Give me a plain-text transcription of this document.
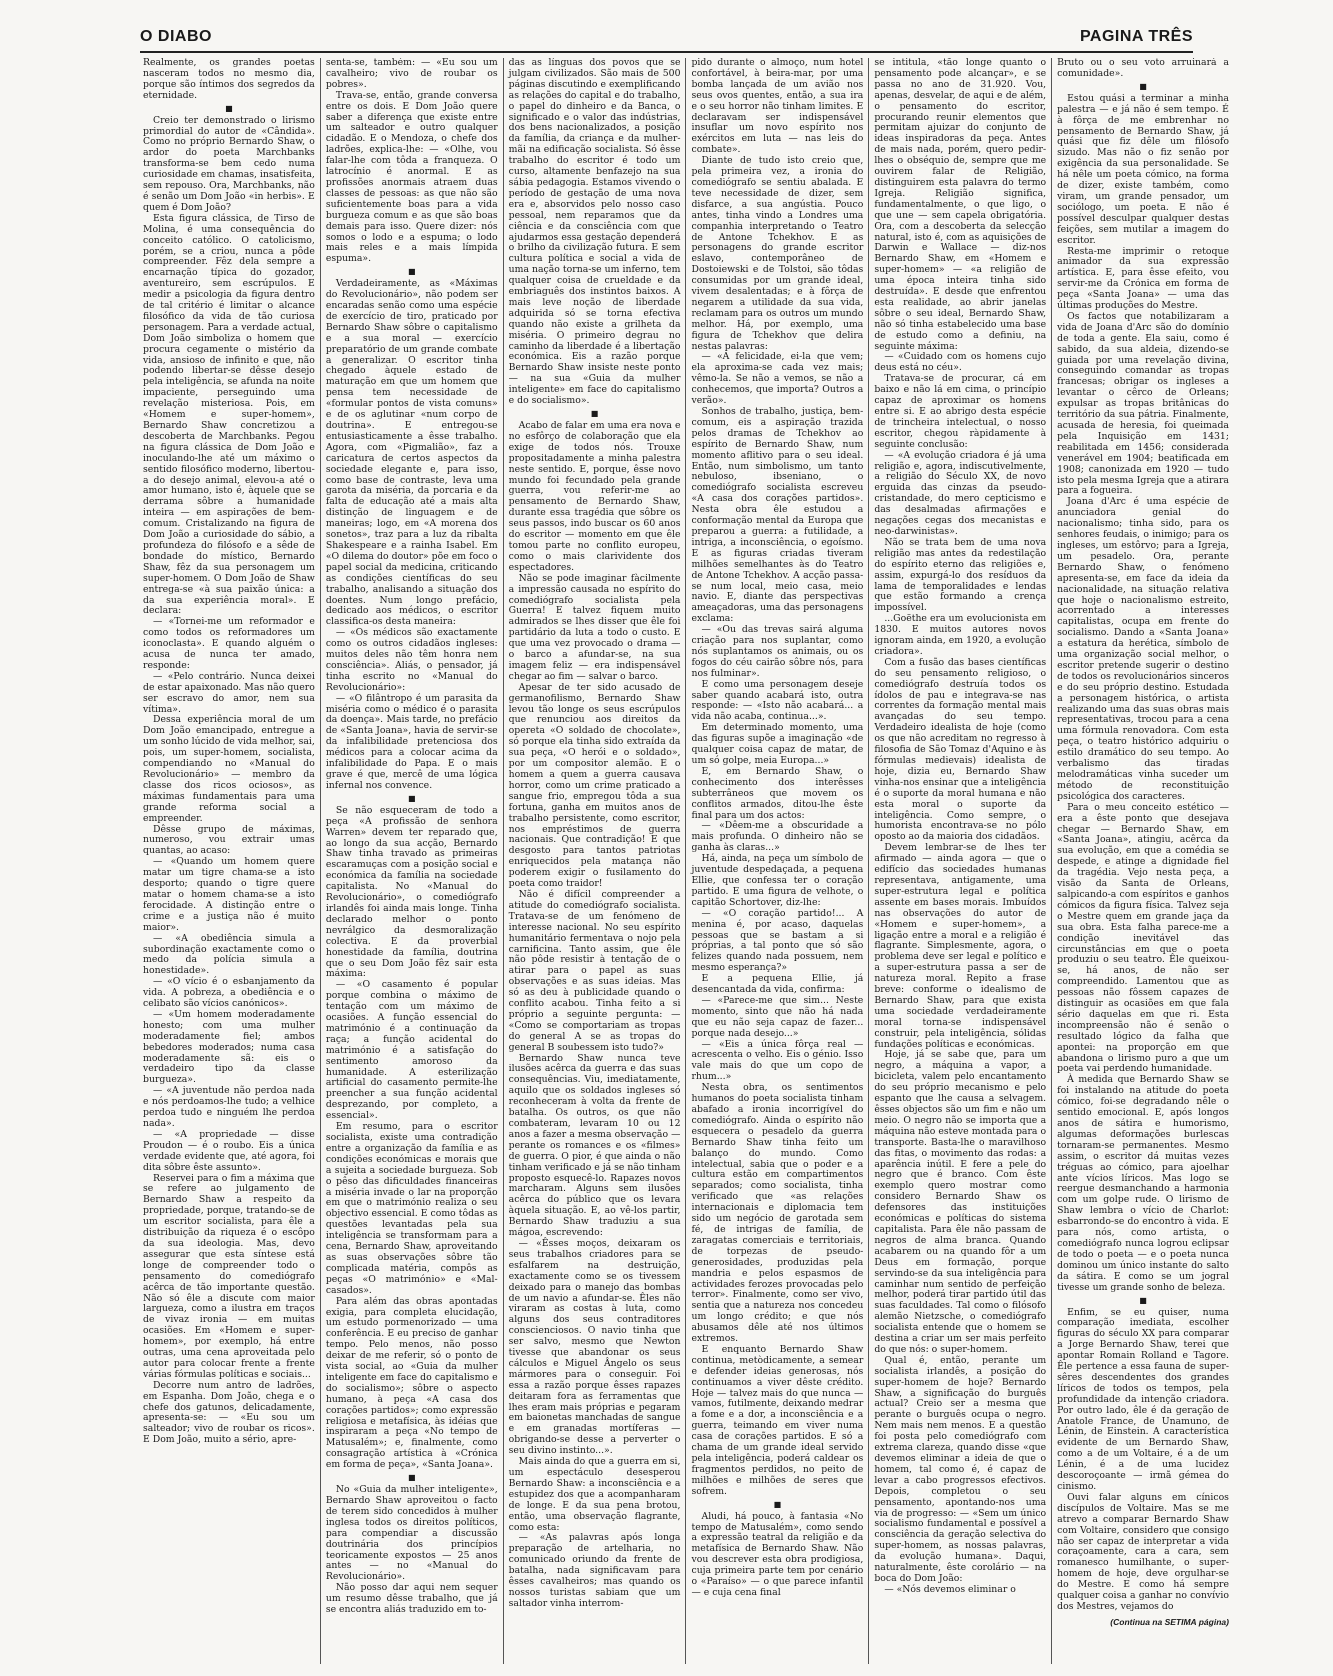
O DIABO	PAGINA TRÊS

Realmente, os grandes poetas nasceram todos no mesmo dia, porque são íntimos dos segredos da eternidade.

■

Creio ter demonstrado o lirismo primordial do autor de «Cândida». Como no próprio Bernardo Shaw, o ardor do poeta Marchbanks transforma-se bem cedo numa curiosidade em chamas, insatisfeita, sem repouso. Ora, Marchbanks, não é senão um Dom João «in herbis». E quem é Dom João?

Esta figura clássica, de Tirso de Molina, é uma consequência do conceito católico. O catolicismo, porém, se a criou, nunca a pôde compreender. Fêz dela sempre a encarnação típica do gozador, aventureiro, sem escrúpulos. E medir a psicologia da figura dentro de tal critério é limitar o alcance filosófico da vida de tão curiosa personagem. Para a verdade actual, Dom João simboliza o homem que procura cegamente o mistério da vida, ansioso de infinito e que, não podendo libertar-se dêsse desejo pela inteligência, se afunda na noite impaciente, perseguindo uma revelação misteriosa. Pois, em «Homem e super-homem», Bernardo Shaw concretizou a descoberta de Marchbanks. Pegou na figura clássica de Dom João e inoculando-lhe até um máximo o sentido filosófico moderno, libertou-a do desejo animal, elevou-a até o amor humano, isto é, àquele que se derrama sôbre a humanidade inteira — em aspirações de bem-comum. Cristalizando na figura de Dom João a curiosidade do sábio, a profundeza do filósofo e a sêde de bondade do místico, Bernardo Shaw, fêz da sua personagem um super-homem. O Dom João de Shaw entrega-se «à sua paixão única: a da sua experiência moral». E declara:

— «Tornei-me um reformador e como todos os reformadores um iconoclasta». E quando alguém o acusa de nunca ter amado, responde:

— «Pelo contrário. Nunca deixei de estar apaixonado. Mas não quero ser escravo do amor, nem sua vítima».

Dessa experiência moral de um Dom João emancipado, entregue a um sonho lúcido de vida melhor, sai, pois, um super-homem, socialista, compendiando no «Manual do Revolucionário» — membro da classe dos ricos ociosos», as máximas fundamentais para uma grande reforma social a empreender.

Dêsse grupo de máximas, numeroso, vou extrair umas quantas, ao acaso:

— «Quando um homem quere matar um tigre chama-se a isto desporto; quando o tigre quere matar o homem chama-se a isto ferocidade. A distinção entre o crime e a justiça não é muito maior».

— «A obediência simula a subordinação exactamente como o medo da polícia simula a honestidade».

— «O vício é o esbanjamento da vida. A pobreza, a obediência e o celibato são vícios canónicos».

— «Um homem moderadamente honesto; com uma mulher moderadamente fiel; ambos bebedores moderados; numa casa moderadamente sã: eis o verdadeiro tipo da classe burgueza».

— «A juventude não perdoa nada e nós perdoamos-lhe tudo; a velhice perdoa tudo e ninguém lhe perdoa nada».

— «A propriedade — disse Proudon — é o roubo. Eis a única verdade evidente que, até agora, foi dita sôbre êste assunto».

Reservei para o fim a máxima que se refere ao julgamento de Bernardo Shaw a respeito da propriedade, porque, tratando-se de um escritor socialista, para êle a distribuição da riqueza é o escôpo da sua ideologia. Mas, devo assegurar que esta síntese está longe de compreender todo o pensamento do comediógrafo acêrca de tão importante questão. Não só êle a discute com maior largueza, como a ilustra em traços de vivaz ironia — em muitas ocasiões. Em «Homem e super-homem», por exemplo, há entre outras, uma cena aproveitada pelo autor para colocar frente a frente várias fórmulas políticas e sociais...

Decorre num antro de ladrões, em Espanha. Dom João, chega e o chefe dos gatunos, delicadamente, apresenta-se: — «Eu sou um salteador; vivo de roubar os ricos». E Dom João, muito a sério, apre-

senta-se, também: — «Eu sou um cavalheiro; vivo de roubar os pobres».

Trava-se, então, grande conversa entre os dois. E Dom João quere saber a diferença que existe entre um salteador e outro qualquer cidadão. E o Mendoza, o chefe dos ladrões, explica-lhe: — «Olhe, vou falar-lhe com tôda a franqueza. O latrocínio é anormal. E as profissões anormais atraem duas classes de pessoas: as que não são suficientemente boas para a vida burgueza comum e as que são boas demais para isso. Quere dizer: nós somos o lodo e a espuma; o lodo mais reles e a mais límpida espuma».

■

Verdadeiramente, as «Máximas do Revolucionário», não podem ser encaradas senão como uma espécie de exercício de tiro, praticado por Bernardo Shaw sôbre o capitalismo e a sua moral — exercício preparatório de um grande combate a generalizar. O escritor tinha chegado àquele estado de maturação em que um homem que pensa tem necessidade de «formular pontos de vista comuns» e de os aglutinar «num corpo de doutrina». E entregou-se entusiasticamente a êsse trabalho. Agora, com «Pigmalião», faz a caricatura de certos aspectos da sociedade elegante e, para isso, como base de contraste, leva uma garota da miséria, da porcaria e da falta de educação até a mais alta distinção de linguagem e de maneiras; logo, em «A morena dos sonetos», traz para a luz da ribalta Shakespeare e a rainha Isabel. Em «O dilema do doutor» põe em foco o papel social da medicina, criticando as condições científicas do seu trabalho, analisando a situação dos doentes. Num longo prefácio, dedicado aos médicos, o escritor classifica-os desta maneira:

— «Os médicos são exactamente como os outros cidadãos ingleses: muitos deles não têm honra nem consciência». Aliás, o pensador, já tinha escrito no «Manual do Revolucionário»:

— «O filântropo é um parasita da miséria como o médico é o parasita da doença». Mais tarde, no prefácio de «Santa Joana», havia de servir-se da infalibilidade pretenciosa dos médicos para a colocar acima da infalibilidade do Papa. E o mais grave é que, mercê de uma lógica infernal nos convence.

■

Se não esqueceram de todo a peça «A profissão de senhora Warren» devem ter reparado que, ao longo da sua acção, Bernardo Shaw tinha travado as primeiras escaramuças com a posição social e económica da família na sociedade capitalista. No «Manual do Revolucionário», o comediógrafo irlandês foi ainda mais longe. Tinha declarado melhor o ponto nevrálgico da desmoralização colectiva. E da proverbial honestidade da família, doutrina que o seu Dom João fêz sair esta máxima:

— «O casamento é popular porque combina o máximo de tentação com um máximo de ocasiões. A função essencial do matrimónio é a continuação da raça; a função acidental do matrimónio é a satisfação do sentimento amoroso da humanidade. A esterilização artificial do casamento permite-lhe preencher a sua função acidental desprezando, por completo, a essencial».

Em resumo, para o escritor socialista, existe uma contradição entre a organização da família e as condições económicas e morais que a sujeita a sociedade burgueza. Sob o pêso das dificuldades financeiras a miséria invade o lar na proporção em que o matrimónio realiza o seu objectivo essencial. E como tôdas as questões levantadas pela sua inteligência se transformam para a cena, Bernardo Shaw, aproveitando as suas observações sôbre tão complicada matéria, compôs as peças «O matrimónio» e «Mal-casados».

Para além das obras apontadas exigia, para completa elucidação, um estudo pormenorizado — uma conferência. E eu preciso de ganhar tempo. Pelo menos, não posso deixar de me referir, só o ponto de vista social, ao «Guia da mulher inteligente em face do capitalismo e do socialismo»; sôbre o aspecto humano, à peça «A casa dos corações partidos»; como expressão religiosa e metafísica, às idéias que inspiraram a peça «No tempo de Matusalém»; e, finalmente, como consagração artística à «Crónica em forma de peça», «Santa Joana».

■

No «Guia da mulher inteligente», Bernardo Shaw aproveitou o facto de terem sido concedidos à mulher inglesa todos os direitos políticos, para compendiar a discussão doutrinária dos princípios teoricamente expostos — 25 anos antes — no «Manual do Revolucionário».

Não posso dar aqui nem sequer um resumo dêsse trabalho, que já se encontra aliás traduzido em to-

das as línguas dos povos que se julgam civilizados. São mais de 500 páginas discutindo e exemplificando as relações do capital e do trabalho, o papel do dinheiro e da Banca, o significado e o valor das indústrias, dos bens nacionalizados, a posição da família, da criança e da mulher-mãi na edificação socialista. Só êsse trabalho do escritor é todo um curso, altamente benfazejo na sua sábia pedagogia. Estamos vivendo o período de gestação de uma nova era e, absorvidos pelo nosso caso pessoal, nem reparamos que da ciência e da consciência com que ajudarmos essa gestação dependerá o brilho da civilização futura. E sem cultura política e social a vida de uma nação torna-se um inferno, tem qualquer coisa de crueldade e da embriaguês dos instintos baixos. A mais leve noção de liberdade adquirida só se torna efectiva quando não existe a grilheta da miséria. O primeiro degrau no caminho da liberdade é a libertação económica. Eis a razão porque Bernardo Shaw insiste neste ponto — na sua «Guia da mulher inteligente» em face do capitalismo e do socialismo».

■

Acabo de falar em uma era nova e no esfôrço de colaboração que ela exige de todos nós. Trouxe propositadamente a minha palestra neste sentido. E, porque, êsse novo mundo foi fecundado pela grande guerra, vou referir-me ao pensamento de Bernardo Shaw, durante essa tragédia que sôbre os seus passos, indo buscar os 60 anos do escritor — momento em que êle tomou parte no conflito europeu, como o mais clarividente dos espectadores.

Não se pode imaginar fàcilmente a impressão causada no espírito do comediógrafo socialista pela Guerra! E talvez fiquem muito admirados se lhes disser que êle foi partidário da luta a todo o custo. E que uma vez provocado o drama — o barco a afundar-se, na sua imagem feliz — era indispensável chegar ao fim — salvar o barco.

Apesar de ter sido acusado de germanofilismo, Bernardo Shaw levou tão longe os seus escrúpulos que renunciou aos direitos da opereta «O soldado de chocolate», só porque ela tinha sido extraída da sua peça, «O herói e o soldado», por um compositor alemão. E o homem a quem a guerra causava horror, como um crime praticado a sangue frio, empregou tôda a sua fortuna, ganha em muitos anos de trabalho persistente, como escritor, nos empréstimos de guerra nacionais. Que contradição! E que desgosto para tantos patriotas enriquecidos pela matança não poderem exigir o fusilamento do poeta como traidor!

Não é difícil compreender a atitude do comediógrafo socialista. Tratava-se de um fenómeno de interesse nacional. No seu espírito humanitário fermentava o nojo pela carnificina. Tanto assim, que êle não pôde resistir à tentação de o atirar para o papel as suas observações e as suas ideias. Mas só as deu à publicidade quando o conflito acabou. Tinha feito a si próprio a seguinte pergunta: — «Como se comportariam as tropas do general A se as tropas do general B soubessem isto tudo?»

Bernardo Shaw nunca teve ilusões acêrca da guerra e das suas consequências. Viu, imediatamente, aquilo que os soldados ingleses só reconheceram à volta da frente de batalha. Os outros, os que não combateram, levaram 10 ou 12 anos a fazer a mesma observação — perante os romances e os «filmes» de guerra. O pior, é que ainda o não tinham verificado e já se não tinham proposto esquecê-lo. Rapazes novos marcharam. Alguns sem ilusões acêrca do público que os levara àquela situação. E, ao vê-los partir, Bernardo Shaw traduziu a sua mágoa, escrevendo:

— «Êsses moços, deixaram os seus trabalhos criadores para se esfalfarem na destruição, exactamente como se os tivessem deixado para o manejo das bombas de um navio a afundar-se. Êles não viraram as costas à luta, como alguns dos seus contraditores conscienciosos. O navio tinha que ser salvo, mesmo que Newton tivesse que abandonar os seus cálculos e Miguel Ângelo os seus mármores para o conseguir. Foi essa a razão porque êsses rapazes deitaram fora as ferramentas que lhes eram mais próprias e pegaram em baionetas manchadas de sangue e em granadas mortíferas — obrigando-se desse a perverter o seu divino instinto...».

Mais ainda do que a guerra em si, um espectáculo desesperou Bernardo Shaw: a inconsciência e a estupidez dos que a acompanharam de longe. E da sua pena brotou, então, uma observação flagrante, como esta:

— «As palavras após longa preparação de artelharia, no comunicado oriundo da frente de batalha, nada significavam para êsses cavalheiros; mas quando os nossos turistas sabiam que um saltador vinha interrom-

pido durante o almoço, num hotel confortável, à beira-mar, por uma bomba lançada de um avião nos seus ovos quentes, então, a sua ira e o seu horror não tinham limites. E declaravam ser indispensável insuflar um novo espírito nos exércitos em luta — nas leis do combate».

Diante de tudo isto creio que, pela primeira vez, a ironia do comediógrafo se sentiu abalada. E teve necessidade de dizer, sem disfarce, a sua angústia. Pouco antes, tinha vindo a Londres uma companhia interpretando o Teatro de Antone Tchekhov. E as personagens do grande escritor eslavo, contemporâneo de Dostoiewski e de Tolstoi, são tôdas consumidas por um grande ideal, vivem desalentadas; e à fôrça de negarem a utilidade da sua vida, reclamam para os outros um mundo melhor. Há, por exemplo, uma figura de Tchekhov que delira nestas palavras:

— «A felicidade, ei-la que vem; ela aproxima-se cada vez mais; vêmo-la. Se não a vemos, se não a conhecemos, que importa? Outros a verão».

Sonhos de trabalho, justiça, bem-comum, eis a aspiração trazida pelos dramas de Tchekhov ao espírito de Bernardo Shaw, num momento aflitivo para o seu ideal. Então, num simbolismo, um tanto nebuloso, ibseniano, o comediógrafo socialista escreveu «A casa dos corações partidos». Nesta obra êle estudou a conformação mental da Europa que preparou a guerra: a futilidade, a intriga, a inconsciência, o egoísmo. E as figuras criadas tiveram milhões semelhantes às do Teatro de Antone Tchekhov. A acção passa-se num local, meio casa, meio navio. E, diante das perspectivas ameaçadoras, uma das personagens exclama:

— «Ou das trevas sairá alguma criação para nos suplantar, como nós suplantamos os animais, ou os fogos do céu cairão sôbre nós, para nos fulminar».

E como uma personagem deseje saber quando acabará isto, outra responde: — «Isto não acabará... a vida não acaba, continua...».

Em determinado momento, uma das figuras supõe a imaginação «de qualquer coisa capaz de matar, de um só golpe, meia Europa...»

E, em Bernardo Shaw, o conhecimento dos interêsses subterrâneos que movem os conflitos armados, ditou-lhe êste final para um dos actos:

— «Dêem-me a obscuridade a mais profunda. O dinheiro não se ganha às claras...»

Há, ainda, na peça um símbolo de juventude despedaçada, a pequena Ellie, que confessa ter o coração partido. E uma figura de velhote, o capitão Schortover, diz-lhe:

— «O coração partido!... A menina é, por acaso, daquelas pessoas que se bastam a si próprias, a tal ponto que só são felizes quando nada possuem, nem mesmo esperança?»

E a pequena Ellie, já desencantada da vida, confirma:

— «Parece-me que sim... Neste momento, sinto que não há nada que eu não seja capaz de fazer... porque nada desejo...»

— «Eis a única fôrça real — acrescenta o velho. Eis o génio. Isso vale mais do que um copo de rhum...»

Nesta obra, os sentimentos humanos do poeta socialista tinham abafado a ironia incorrigível do comediógrafo. Ainda o espírito não esquecera o pesadelo da guerra Bernardo Shaw tinha feito um balanço do mundo. Como intelectual, sabia que o poder e a cultura estão em compartimentos separados; como socialista, tinha verificado que «as relações internacionais e diplomacia tem sido um negócio de garotada sem fé, de intrigas de família, de zaragatas comerciais e territoriais, de torpezas de pseudo-generosidades, produzidas pela mandria e pelos espasmos de actividades ferozes provocadas pelo terror». Finalmente, como ser vivo, sentia que a natureza nos concedeu um longo crédito; e que nós abusamos dêle até nos últimos extremos.

E enquanto Bernardo Shaw continua, metòdicamente, a semear e defender ideias generosas, nós continuamos a viver dêste crédito. Hoje — talvez mais do que nunca — vamos, futilmente, deixando medrar a fome e a dor, a inconsciência e a guerra, teimando em viver numa casa de corações partidos. E só a chama de um grande ideal servido pela inteligência, poderá caldear os fragmentos perdidos, no peito de milhões e milhões de seres que sofrem.

■

Aludi, há pouco, à fantasia «No tempo de Matusalém», como sendo a expressão teatral da religião e da metafísica de Bernardo Shaw. Não vou descrever esta obra prodigiosa, cuja primeira parte tem por cenário o «Paraíso» — o que parece infantil — e cuja cena final

se intitula, «tão longe quanto o pensamento pode alcançar», e se passa no ano de 31.920. Vou, apenas, desvelar, de aqui e de além, o pensamento do escritor, procurando reunir elementos que permitam ajuizar do conjunto de ideas inspiradoras da peça. Antes de mais nada, porém, quero pedir-lhes o obséquio de, sempre que me ouvirem falar de Religião, distinguirem esta palavra do termo Igreja. Religião significa, fundamentalmente, o que ligo, o que une — sem capela obrigatória. Ora, com a descoberta da selecção natural, isto é, com as aquisições de Darwin e Wallace — diz-nos Bernardo Shaw, em «Homem e super-homem» — «a religião de uma época inteira tinha sido destruída». E desde que enfrentou esta realidade, ao abrir janelas sôbre o seu ideal, Bernardo Shaw, não só tinha estabelecido uma base de estudo como a definiu, na seguinte máxima:

— «Cuidado com os homens cujo deus está no céu».

Tratava-se de procurar, cá em baixo e não lá em cima, o princípio capaz de aproximar os homens entre si. E ao abrigo desta espécie de trincheira intelectual, o nosso escritor, chegou ràpidamente à seguinte conclusão:

— «A evolução criadora é já uma religião e, agora, indiscutivelmente, a religião do Século XX, de novo erguida das cinzas da pseudo-cristandade, do mero cepticismo e das desalmadas afirmações e negações cegas dos mecanistas e neo-darwinistas».

Não se trata bem de uma nova religião mas antes da redestilação do espírito eterno das religiões e, assim, expurgá-lo dos resíduos da lama de temporalidades e lendas que estão formando a crença impossível.

...Goëthe era um evolucionista em 1830. E muitos autores novos ignoram ainda, em 1920, a evolução criadora».

Com a fusão das bases científicas do seu pensamento religioso, o comediógrafo destruía todos os ídolos de pau e integrava-se nas correntes da formação mental mais avançadas do seu tempo. Verdadeiro idealista de hoje (como os que não acreditam no regresso à filosofia de São Tomaz d'Aquino e às fórmulas medievais) idealista de hoje, dizia eu, Bernardo Shaw vinha-nos ensinar que a inteligência é o suporte da moral humana e não esta moral o suporte da inteligência. Como sempre, o humorista encontrava-se no pólo oposto ao da maioria dos cidadãos.

Devem lembrar-se de lhes ter afirmado — ainda agora — que o edifício das sociedades humanas representava, antigamente, uma super-estrutura legal e política assente em bases morais. Imbuídos nas observações do autor de «Homem e super-homem», a ligação entre a moral e a religião é flagrante. Simplesmente, agora, o problema deve ser legal e político e a super-estrutura passa a ser de natureza moral. Repito a frase breve: conforme o idealismo de Bernardo Shaw, para que exista uma sociedade verdadeiramente moral torna-se indispensável construir, pela inteligência, sólidas fundações políticas e económicas.

Hoje, já se sabe que, para um negro, a máquina a vapor, a bicicleta, valem pelo encantamento do seu próprio mecanismo e pelo espanto que lhe causa a selvagem. êsses objectos são um fim e não um meio. O negro não se importa que a máquina não esteve montada para o transporte. Basta-lhe o maravilhoso das fitas, o movimento das rodas: a aparência inútil. E fere a pele do negro que é branco. Com êste exemplo quero mostrar como considero Bernardo Shaw os defensores das instituições económicas e políticas do sistema capitalista. Para êle não passam de negros de alma branca. Quando acabarem ou na quando fôr a um Deus em formação, porque servindo-se da sua inteligência para caminhar num sentido de perfeição melhor, poderá tirar partido útil das suas faculdades. Tal como o filósofo alemão Nietzsche, o comediógrafo socialista entende que o homem se destina a criar um ser mais perfeito do que nós: o super-homem.

Qual é, então, perante um socialista irlandês, a posição do super-homem de hoje? Bernardo Shaw, a significação do burguês actual? Creio ser a mesma que perante o burguês ocupa o negro. Nem mais nem menos. E a questão foi posta pelo comediógrafo com extrema clareza, quando disse «que devemos eliminar a ideia de que o homem, tal como é, é capaz de levar a cabo progressos efectivos. Depois, completou o seu pensamento, apontando-nos uma via de progresso: — «Sem um único socialismo fundamental e possível a consciência da geração selectiva do super-homem, as nossas palavras, da evolução humana». Daqui, naturalmente, êste corolário — na boca do Dom João:

— «Nós devemos eliminar o

Bruto ou o seu voto arruinará a comunidade».

■

Estou quási a terminar a minha palestra — e já não é sem tempo. É à fôrça de me embrenhar no pensamento de Bernardo Shaw, já quási que fiz dêle um filósofo sizudo. Mas não o fiz senão por exigência da sua personalidade. Se há nêle um poeta cómico, na forma de dizer, existe também, como viram, um grande pensador, um sociólogo, um poeta. E não é possível desculpar qualquer destas feições, sem mutilar a imagem do escritor.

Resta-me imprimir o retoque animador da sua expressão artística. E, para êsse efeito, vou servir-me da Crónica em forma de peça «Santa Joana» — uma das últimas produções do Mestre.

Os factos que notabilizaram a vida de Joana d'Arc são do domínio de toda a gente. Ela saiu, como é sabido, da sua aldeia, dizendo-se guiada por uma revelação divina, conseguindo comandar as tropas francesas; obrigar os ingleses a levantar o cêrco de Orleans; expulsar as tropas britânicas do território da sua pátria. Finalmente, acusada de heresia, foi queimada pela Inquisição em 1431; reabilitada em 1456; considerada venerável em 1904; beatificada em 1908; canonizada em 1920 — tudo isto pela mesma Igreja que a atirara para a fogueira.

Joana d'Arc é uma espécie de anunciadora genial do nacionalismo; tinha sido, para os senhores feudais, o inimigo; para os ingleses, um estôrvo; para a Igreja, um pesadelo. Ora, perante Bernardo Shaw, o fenómeno apresenta-se, em face da ideia da nacionalidade, na situação relativa que hoje o nacionalismo estreito, acorrentado a interesses capitalistas, ocupa em frente do socialismo. Dando a «Santa Joana» a estatura da herética, símbolo de uma organização social melhor, o escritor pretende sugerir o destino de todos os revolucionários sinceros e do seu próprio destino. Estudada a personagem histórica, o artista realizando uma das suas obras mais representativas, trocou para a cena uma fórmula renovadora. Com esta peça, o teatro histórico adquiriu o estilo dramático do seu tempo. Ao verbalismo das tiradas melodramáticas vinha suceder um método de reconstituição psicológica dos caracteres.

Para o meu conceito estético — era a êste ponto que desejava chegar — Bernardo Shaw, em «Santa Joana», atingiu, acêrca da sua evolução, em que a comédia se despede, e atinge a dignidade fiel da tragédia. Vejo nesta peça, a visão da Santa de Orleans, salpicando-a com espíritos e ganhos cómicos da figura física. Talvez seja o Mestre quem em grande jaça da sua obra. Esta falha parece-me a condição inevitável das circunstâncias em que o poeta produziu o seu teatro. Êle queixou-se, há anos, de não ser compreendido. Lamentou que as pessoas não fôssem capazes de distinguir as ocasiões em que fala sério daquelas em que ri. Esta incompreensão não é senão o resultado lógico da falha que apontei: na proporção em que abandona o lirismo puro a que um poeta vai perdendo humanidade.

À medida que Bernardo Shaw se foi instalando na atitude do poeta cómico, foi-se degradando nêle o sentido emocional. E, após longos anos de sátira e humorismo, algumas deformações burlescas tornaram-se permanentes. Mesmo assim, o escritor dá muitas vezes tréguas ao cómico, para ajoelhar ante vícios líricos. Mas logo se reergue desmanchando a harmonia com um golpe rude. O lirismo de Shaw lembra o vício de Charlot: esbarrondo-se do encontro à vida. E para nós, como artista, o comediógrafo nunca logrou eclipsar de todo o poeta — e o poeta nunca dominou um único instante do salto da sátira. E como se um jogral tivesse um grande sonho de beleza.

■

Enfim, se eu quiser, numa comparação imediata, escolher figuras do século XX para comparar a Jorge Bernardo Shaw, terei que apontar Romain Rolland e Tagore. Êle pertence a essa fauna de super-sêres descendentes dos grandes líricos de todos os tempos, pela profundidade da intenção criadora. Por outro lado, êle é da geração de Anatole France, de Unamuno, de Lénin, de Einstein. A característica evidente de um Bernardo Shaw, como a de um Voltaire, é a de um Lénin, é a de uma lucidez descoroçoante — irmã gémea do cinismo.

Ouvi falar alguns em cínicos discípulos de Voltaire. Mas se me atrevo a comparar Bernardo Shaw com Voltaire, considero que consigo não ser capaz de interpretar a vida coraçoamente, cara a cara, sem romanesco humilhante, o super-homem de hoje, deve orgulhar-se do Mestre. E como há sempre qualquer coisa a ganhar no convívio dos Mestres, vejamos do

(Continua na SETIMA página)
